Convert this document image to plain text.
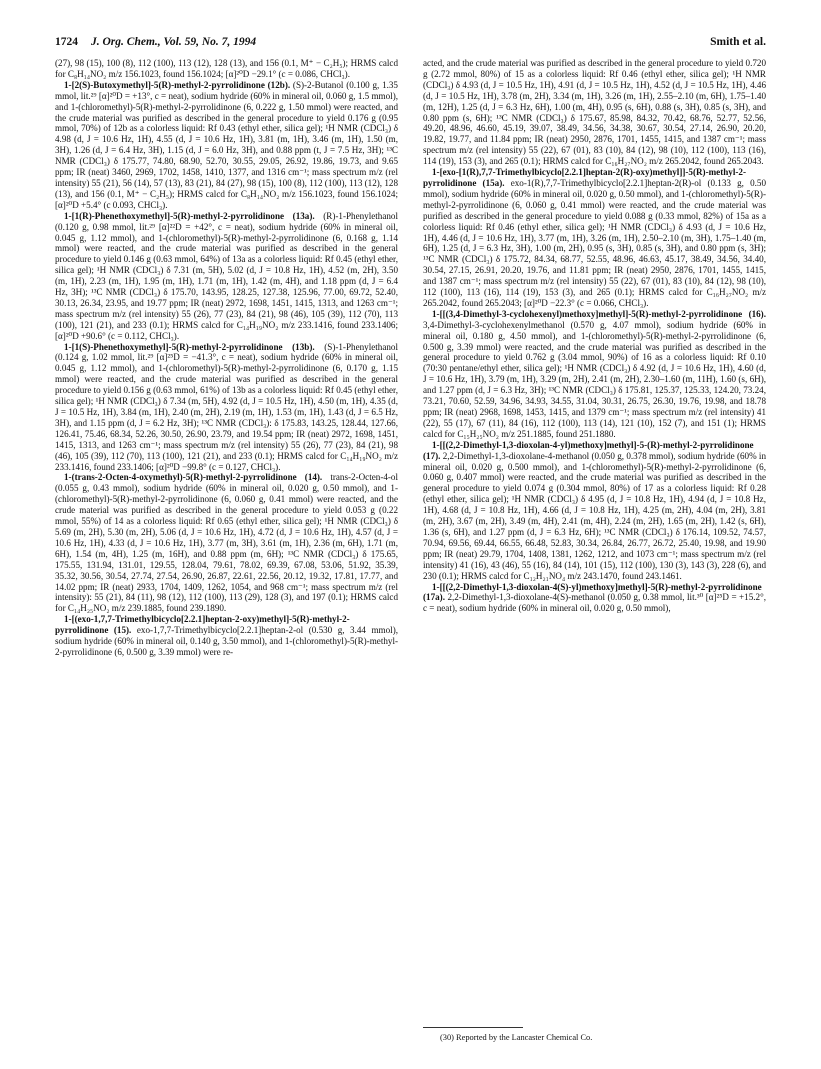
1724 J. Org. Chem., Vol. 59, No. 7, 1994	Smith et al.

(27), 98 (15), 100 (8), 112 (100), 113 (12), 128 (13), and 156 (0.1, M⁺ − C₂H₅); HRMS calcd for C₈H₁₄NO₂ m/z 156.1023, found 156.1024; [α]²⁰D −29.1° (c = 0.086, CHCl₃).

1-[2(S)-Butoxymethyl]-5(R)-methyl-2-pyrrolidinone (12b). (S)-2-Butanol (0.100 g, 1.35 mmol, lit.²⁹ [α]²⁰D = +13°, c = neat), sodium hydride (60% in mineral oil, 0.060 g, 1.5 mmol), and 1-(chloromethyl)-5(R)-methyl-2-pyrrolidinone (6, 0.222 g, 1.50 mmol) were reacted, and the crude material was purified as described in the general procedure to yield 0.176 g (0.95 mmol, 70%) of 12b as a colorless liquid: Rf 0.43 (ethyl ether, silica gel); ¹H NMR (CDCl₃) δ 4.98 (d, J = 10.6 Hz, 1H), 4.55 (d, J = 10.6 Hz, 1H), 3.81 (m, 1H), 3.46 (m, 1H), 1.50 (m, 3H), 1.26 (d, J = 6.4 Hz, 3H), 1.15 (d, J = 6.0 Hz, 3H), and 0.88 ppm (t, J = 7.5 Hz, 3H); ¹³C NMR (CDCl₃) δ 175.77, 74.80, 68.90, 52.70, 30.55, 29.05, 26.92, 19.86, 19.73, and 9.65 ppm; IR (neat) 3460, 2969, 1702, 1458, 1410, 1377, and 1316 cm⁻¹; mass spectrum m/z (rel intensity) 55 (21), 56 (14), 57 (13), 83 (21), 84 (27), 98 (15), 100 (8), 112 (100), 113 (12), 128 (13), and 156 (0.1, M⁺ − C₂H₅); HRMS calcd for C₈H₁₄NO₂ m/z 156.1023, found 156.1024; [α]²⁰D +5.4° (c 0.093, CHCl₃).

1-[1(R)-Phenethoxymethyl]-5(R)-methyl-2-pyrrolidinone (13a). (R)-1-Phenylethanol (0.120 g, 0.98 mmol, lit.²⁹ [α]²²D = +42°, c = neat), sodium hydride (60% in mineral oil, 0.045 g, 1.12 mmol), and 1-(chloromethyl)-5(R)-methyl-2-pyrrolidinone (6, 0.168 g, 1.14 mmol) were reacted, and the crude material was purified as described in the general procedure to yield 0.146 g (0.63 mmol, 64%) of 13a as a colorless liquid: Rf 0.45 (ethyl ether, silica gel); ¹H NMR (CDCl₃) δ 7.31 (m, 5H), 5.02 (d, J = 10.8 Hz, 1H), 4.52 (m, 2H), 3.50 (m, 1H), 2.23 (m, 1H), 1.95 (m, 1H), 1.71 (m, 1H), 1.42 (m, 4H), and 1.18 ppm (d, J = 6.4 Hz, 3H); ¹³C NMR (CDCl₃) δ 175.70, 143.95, 128.25, 127.38, 125.96, 77.00, 69.72, 52.40, 30.13, 26.34, 23.95, and 19.77 ppm; IR (neat) 2972, 1698, 1451, 1415, 1313, and 1263 cm⁻¹; mass spectrum m/z (rel intensity) 55 (26), 77 (23), 84 (21), 98 (46), 105 (39), 112 (70), 113 (100), 121 (21), and 233 (0.1); HRMS calcd for C₁₄H₁₉NO₂ m/z 233.1416, found 233.1406; [α]²⁰D +90.6° (c = 0.112, CHCl₃).

1-[1(S)-Phenethoxymethyl]-5(R)-methyl-2-pyrrolidinone (13b). (S)-1-Phenylethanol (0.124 g, 1.02 mmol, lit.²⁹ [α]²⁵D = −41.3°, c = neat), sodium hydride (60% in mineral oil, 0.045 g, 1.12 mmol), and 1-(chloromethyl)-5(R)-methyl-2-pyrrolidinone (6, 0.170 g, 1.15 mmol) were reacted, and the crude material was purified as described in the general procedure to yield 0.156 g (0.63 mmol, 61%) of 13b as a colorless liquid: Rf 0.45 (ethyl ether, silica gel); ¹H NMR (CDCl₃) δ 7.34 (m, 5H), 4.92 (d, J = 10.5 Hz, 1H), 4.50 (m, 1H), 4.35 (d, J = 10.5 Hz, 1H), 3.84 (m, 1H), 2.40 (m, 2H), 2.19 (m, 1H), 1.53 (m, 1H), 1.43 (d, J = 6.5 Hz, 3H), and 1.15 ppm (d, J = 6.2 Hz, 3H); ¹³C NMR (CDCl₃): δ 175.83, 143.25, 128.44, 127.66, 126.41, 75.46, 68.34, 52.26, 30.50, 26.90, 23.79, and 19.54 ppm; IR (neat) 2972, 1698, 1451, 1415, 1313, and 1263 cm⁻¹; mass spectrum m/z (rel intensity) 55 (26), 77 (23), 84 (21), 98 (46), 105 (39), 112 (70), 113 (100), 121 (21), and 233 (0.1); HRMS calcd for C₁₄H₁₉NO₂ m/z 233.1416, found 233.1406; [α]²⁰D −99.8° (c = 0.127, CHCl₃).

1-(trans-2-Octen-4-oxymethyl)-5(R)-methyl-2-pyrrolidinone (14). trans-2-Octen-4-ol (0.055 g, 0.43 mmol), sodium hydride (60% in mineral oil, 0.020 g, 0.50 mmol), and 1-(chloromethyl)-5(R)-methyl-2-pyrrolidinone (6, 0.060 g, 0.41 mmol) were reacted, and the crude material was purified as described in the general procedure to yield 0.053 g (0.22 mmol, 55%) of 14 as a colorless liquid: Rf 0.65 (ethyl ether, silica gel); ¹H NMR (CDCl₃) δ 5.69 (m, 2H), 5.30 (m, 2H), 5.06 (d, J = 10.6 Hz, 1H), 4.72 (d, J = 10.6 Hz, 1H), 4.57 (d, J = 10.6 Hz, 1H), 4.33 (d, J = 10.6 Hz, 1H), 3.77 (m, 3H), 3.61 (m, 1H), 2.36 (m, 6H), 1.71 (m, 6H), 1.54 (m, 4H), 1.25 (m, 16H), and 0.88 ppm (m, 6H); ¹³C NMR (CDCl₃) δ 175.65, 175.55, 131.94, 131.01, 129.55, 128.04, 79.61, 78.02, 69.39, 67.08, 53.06, 51.92, 35.39, 35.32, 30.56, 30.54, 27.74, 27.54, 26.90, 26.87, 22.61, 22.56, 20.12, 19.32, 17.81, 17.77, and 14.02 ppm; IR (neat) 2933, 1704, 1409, 1262, 1054, and 968 cm⁻¹; mass spectrum m/z (rel intensity): 55 (21), 84 (11), 98 (12), 112 (100), 113 (29), 128 (3), and 197 (0.1); HRMS calcd for C₁₄H₂₅NO₂ m/z 239.1885, found 239.1890.

1-[(exo-1,7,7-Trimethylbicyclo[2.2.1]heptan-2-oxy)methyl]-5(R)-methyl-2-pyrrolidinone (15). exo-1,7,7-Trimethylbicyclo[2.2.1]heptan-2-ol (0.530 g, 3.44 mmol), sodium hydride (60% in mineral oil, 0.140 g, 3.50 mmol), and 1-(chloromethyl)-5(R)-methyl-2-pyrrolidinone (6, 0.500 g, 3.39 mmol) were re-

acted, and the crude material was purified as described in the general procedure to yield 0.720 g (2.72 mmol, 80%) of 15 as a colorless liquid: Rf 0.46 (ethyl ether, silica gel); ¹H NMR (CDCl₃) δ 4.93 (d, J = 10.5 Hz, 1H), 4.91 (d, J = 10.5 Hz, 1H), 4.52 (d, J = 10.5 Hz, 1H), 4.46 (d, J = 10.5 Hz, 1H), 3.78 (m, 2H), 3.34 (m, 1H), 3.26 (m, 1H), 2.55–2.10 (m, 6H), 1.75–1.40 (m, 12H), 1.25 (d, J = 6.3 Hz, 6H), 1.00 (m, 4H), 0.95 (s, 6H), 0.88 (s, 3H), 0.85 (s, 3H), and 0.80 ppm (s, 6H); ¹³C NMR (CDCl₃) δ 175.67, 85.98, 84.32, 70.42, 68.76, 52.77, 52.56, 49.20, 48.96, 46.60, 45.19, 39.07, 38.49, 34.56, 34.38, 30.67, 30.54, 27.14, 26.90, 20.20, 19.82, 19.77, and 11.84 ppm; IR (neat) 2950, 2876, 1701, 1455, 1415, and 1387 cm⁻¹; mass spectrum m/z (rel intensity) 55 (22), 67 (01), 83 (10), 84 (12), 98 (10), 112 (100), 113 (16), 114 (19), 153 (3), and 265 (0.1); HRMS calcd for C₁₆H₂₇NO₂ m/z 265.2042, found 265.2043.

1-[exo-[1(R),7,7-Trimethylbicyclo[2.2.1]heptan-2(R)-oxy)methyl]]-5(R)-methyl-2-pyrrolidinone (15a). exo-1(R),7,7-Trimethylbicyclo[2.2.1]heptan-2(R)-ol (0.133 g, 0.50 mmol), sodium hydride (60% in mineral oil, 0.020 g, 0.50 mmol), and 1-(chloromethyl)-5(R)-methyl-2-pyrrolidinone (6, 0.060 g, 0.41 mmol) were reacted, and the crude material was purified as described in the general procedure to yield 0.088 g (0.33 mmol, 82%) of 15a as a colorless liquid: Rf 0.46 (ethyl ether, silica gel); ¹H NMR (CDCl₃) δ 4.93 (d, J = 10.6 Hz, 1H), 4.46 (d, J = 10.6 Hz, 1H), 3.77 (m, 1H), 3.26 (m, 1H), 2.50–2.10 (m, 3H), 1.75–1.40 (m, 6H), 1.25 (d, J = 6.3 Hz, 3H), 1.00 (m, 2H), 0.95 (s, 3H), 0.85 (s, 3H), and 0.80 ppm (s, 3H); ¹³C NMR (CDCl₃) δ 175.72, 84.34, 68.77, 52.55, 48.96, 46.63, 45.17, 38.49, 34.56, 34.40, 30.54, 27.15, 26.91, 20.20, 19.76, and 11.81 ppm; IR (neat) 2950, 2876, 1701, 1455, 1415, and 1387 cm⁻¹; mass spectrum m/z (rel intensity) 55 (22), 67 (01), 83 (10), 84 (12), 98 (10), 112 (100), 113 (16), 114 (19), 153 (3), and 265 (0.1); HRMS calcd for C₁₆H₂₇NO₂ m/z 265.2042, found 265.2043; [α]²⁰D −22.3° (c = 0.066, CHCl₃).

1-[[(3,4-Dimethyl-3-cyclohexenyl)methoxy]methyl]-5(R)-methyl-2-pyrrolidinone (16). 3,4-Dimethyl-3-cyclohexenylmethanol (0.570 g, 4.07 mmol), sodium hydride (60% in mineral oil, 0.180 g, 4.50 mmol), and 1-(chloromethyl)-5(R)-methyl-2-pyrrolidinone (6, 0.500 g, 3.39 mmol) were reacted, and the crude material was purified as described in the general procedure to yield 0.762 g (3.04 mmol, 90%) of 16 as a colorless liquid: Rf 0.10 (70:30 pentane/ethyl ether, silica gel); ¹H NMR (CDCl₃) δ 4.92 (d, J = 10.6 Hz, 1H), 4.60 (d, J = 10.6 Hz, 1H), 3.79 (m, 1H), 3.29 (m, 2H), 2.41 (m, 2H), 2.30–1.60 (m, 11H), 1.60 (s, 6H), and 1.27 ppm (d, J = 6.3 Hz, 3H); ¹³C NMR (CDCl₃) δ 175.81, 125.37, 125.33, 124.20, 73.24, 73.21, 70.60, 52.59, 34.96, 34.93, 34.55, 31.04, 30.31, 26.75, 26.30, 19.76, 19.98, and 18.78 ppm; IR (neat) 2968, 1698, 1453, 1415, and 1379 cm⁻¹; mass spectrum m/z (rel intensity) 41 (22), 55 (17), 67 (11), 84 (16), 112 (100), 113 (14), 121 (10), 152 (7), and 151 (1); HRMS calcd for C₁₅H₂₅NO₂ m/z 251.1885, found 251.1880.

1-[[(2,2-Dimethyl-1,3-dioxolan-4-yl)methoxy]methyl]-5-(R)-methyl-2-pyrrolidinone (17). 2,2-Dimethyl-1,3-dioxolane-4-methanol (0.050 g, 0.378 mmol), sodium hydride (60% in mineral oil, 0.020 g, 0.500 mmol), and 1-(chloromethyl)-5(R)-methyl-2-pyrrolidinone (6, 0.060 g, 0.407 mmol) were reacted, and the crude material was purified as described in the general procedure to yield 0.074 g (0.304 mmol, 80%) of 17 as a colorless liquid: Rf 0.28 (ethyl ether, silica gel); ¹H NMR (CDCl₃) δ 4.95 (d, J = 10.8 Hz, 1H), 4.94 (d, J = 10.8 Hz, 1H), 4.68 (d, J = 10.8 Hz, 1H), 4.66 (d, J = 10.8 Hz, 1H), 4.25 (m, 2H), 4.04 (m, 2H), 3.81 (m, 2H), 3.67 (m, 2H), 3.49 (m, 4H), 2.41 (m, 4H), 2.24 (m, 2H), 1.65 (m, 2H), 1.42 (s, 6H), 1.36 (s, 6H), and 1.27 ppm (d, J = 6.3 Hz, 6H); ¹³C NMR (CDCl₃) δ 176.14, 109.52, 74.57, 70.94, 69.56, 69.44, 66.55, 66.48, 52.83, 30.34, 26.84, 26.77, 26.72, 25.40, 19.98, and 19.90 ppm; IR (neat) 29.79, 1704, 1408, 1381, 1262, 1212, and 1073 cm⁻¹; mass spectrum m/z (rel intensity) 41 (16), 43 (46), 55 (16), 84 (14), 101 (15), 112 (100), 130 (3), 143 (3), 228 (6), and 230 (0.1); HRMS calcd for C₁₂H₂₁NO₄ m/z 243.1470, found 243.1461.

1-[[(2,2-Dimethyl-1,3-dioxolan-4(S)-yl)methoxy]methyl]-5(R)-methyl-2-pyrrolidinone (17a). 2,2-Dimethyl-1,3-dioxolane-4(S)-methanol (0.050 g, 0.38 mmol, lit.³⁰ [α]²⁵D = +15.2°, c = neat), sodium hydride (60% in mineral oil, 0.020 g, 0.50 mmol),

(30) Reported by the Lancaster Chemical Co.
